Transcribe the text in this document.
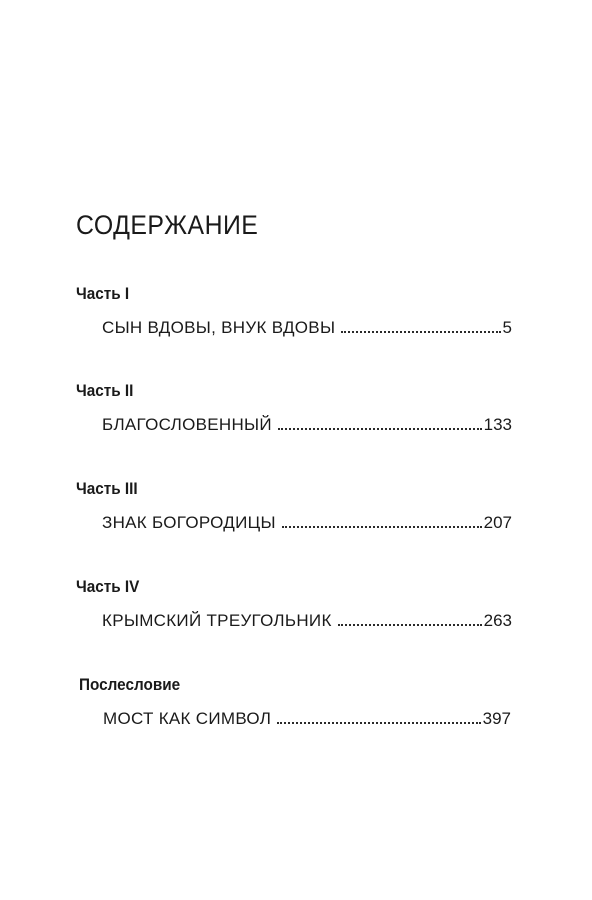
СОДЕРЖАНИЕ
Часть I
СЫН ВДОВЫ, ВНУК ВДОВЫ	5
Часть II
БЛАГОСЛОВЕННЫЙ	133
Часть III
ЗНАК БОГОРОДИЦЫ	207
Часть IV
КРЫМСКИЙ ТРЕУГОЛЬНИК	263
Послесловие
МОСТ КАК СИМВОЛ	397
